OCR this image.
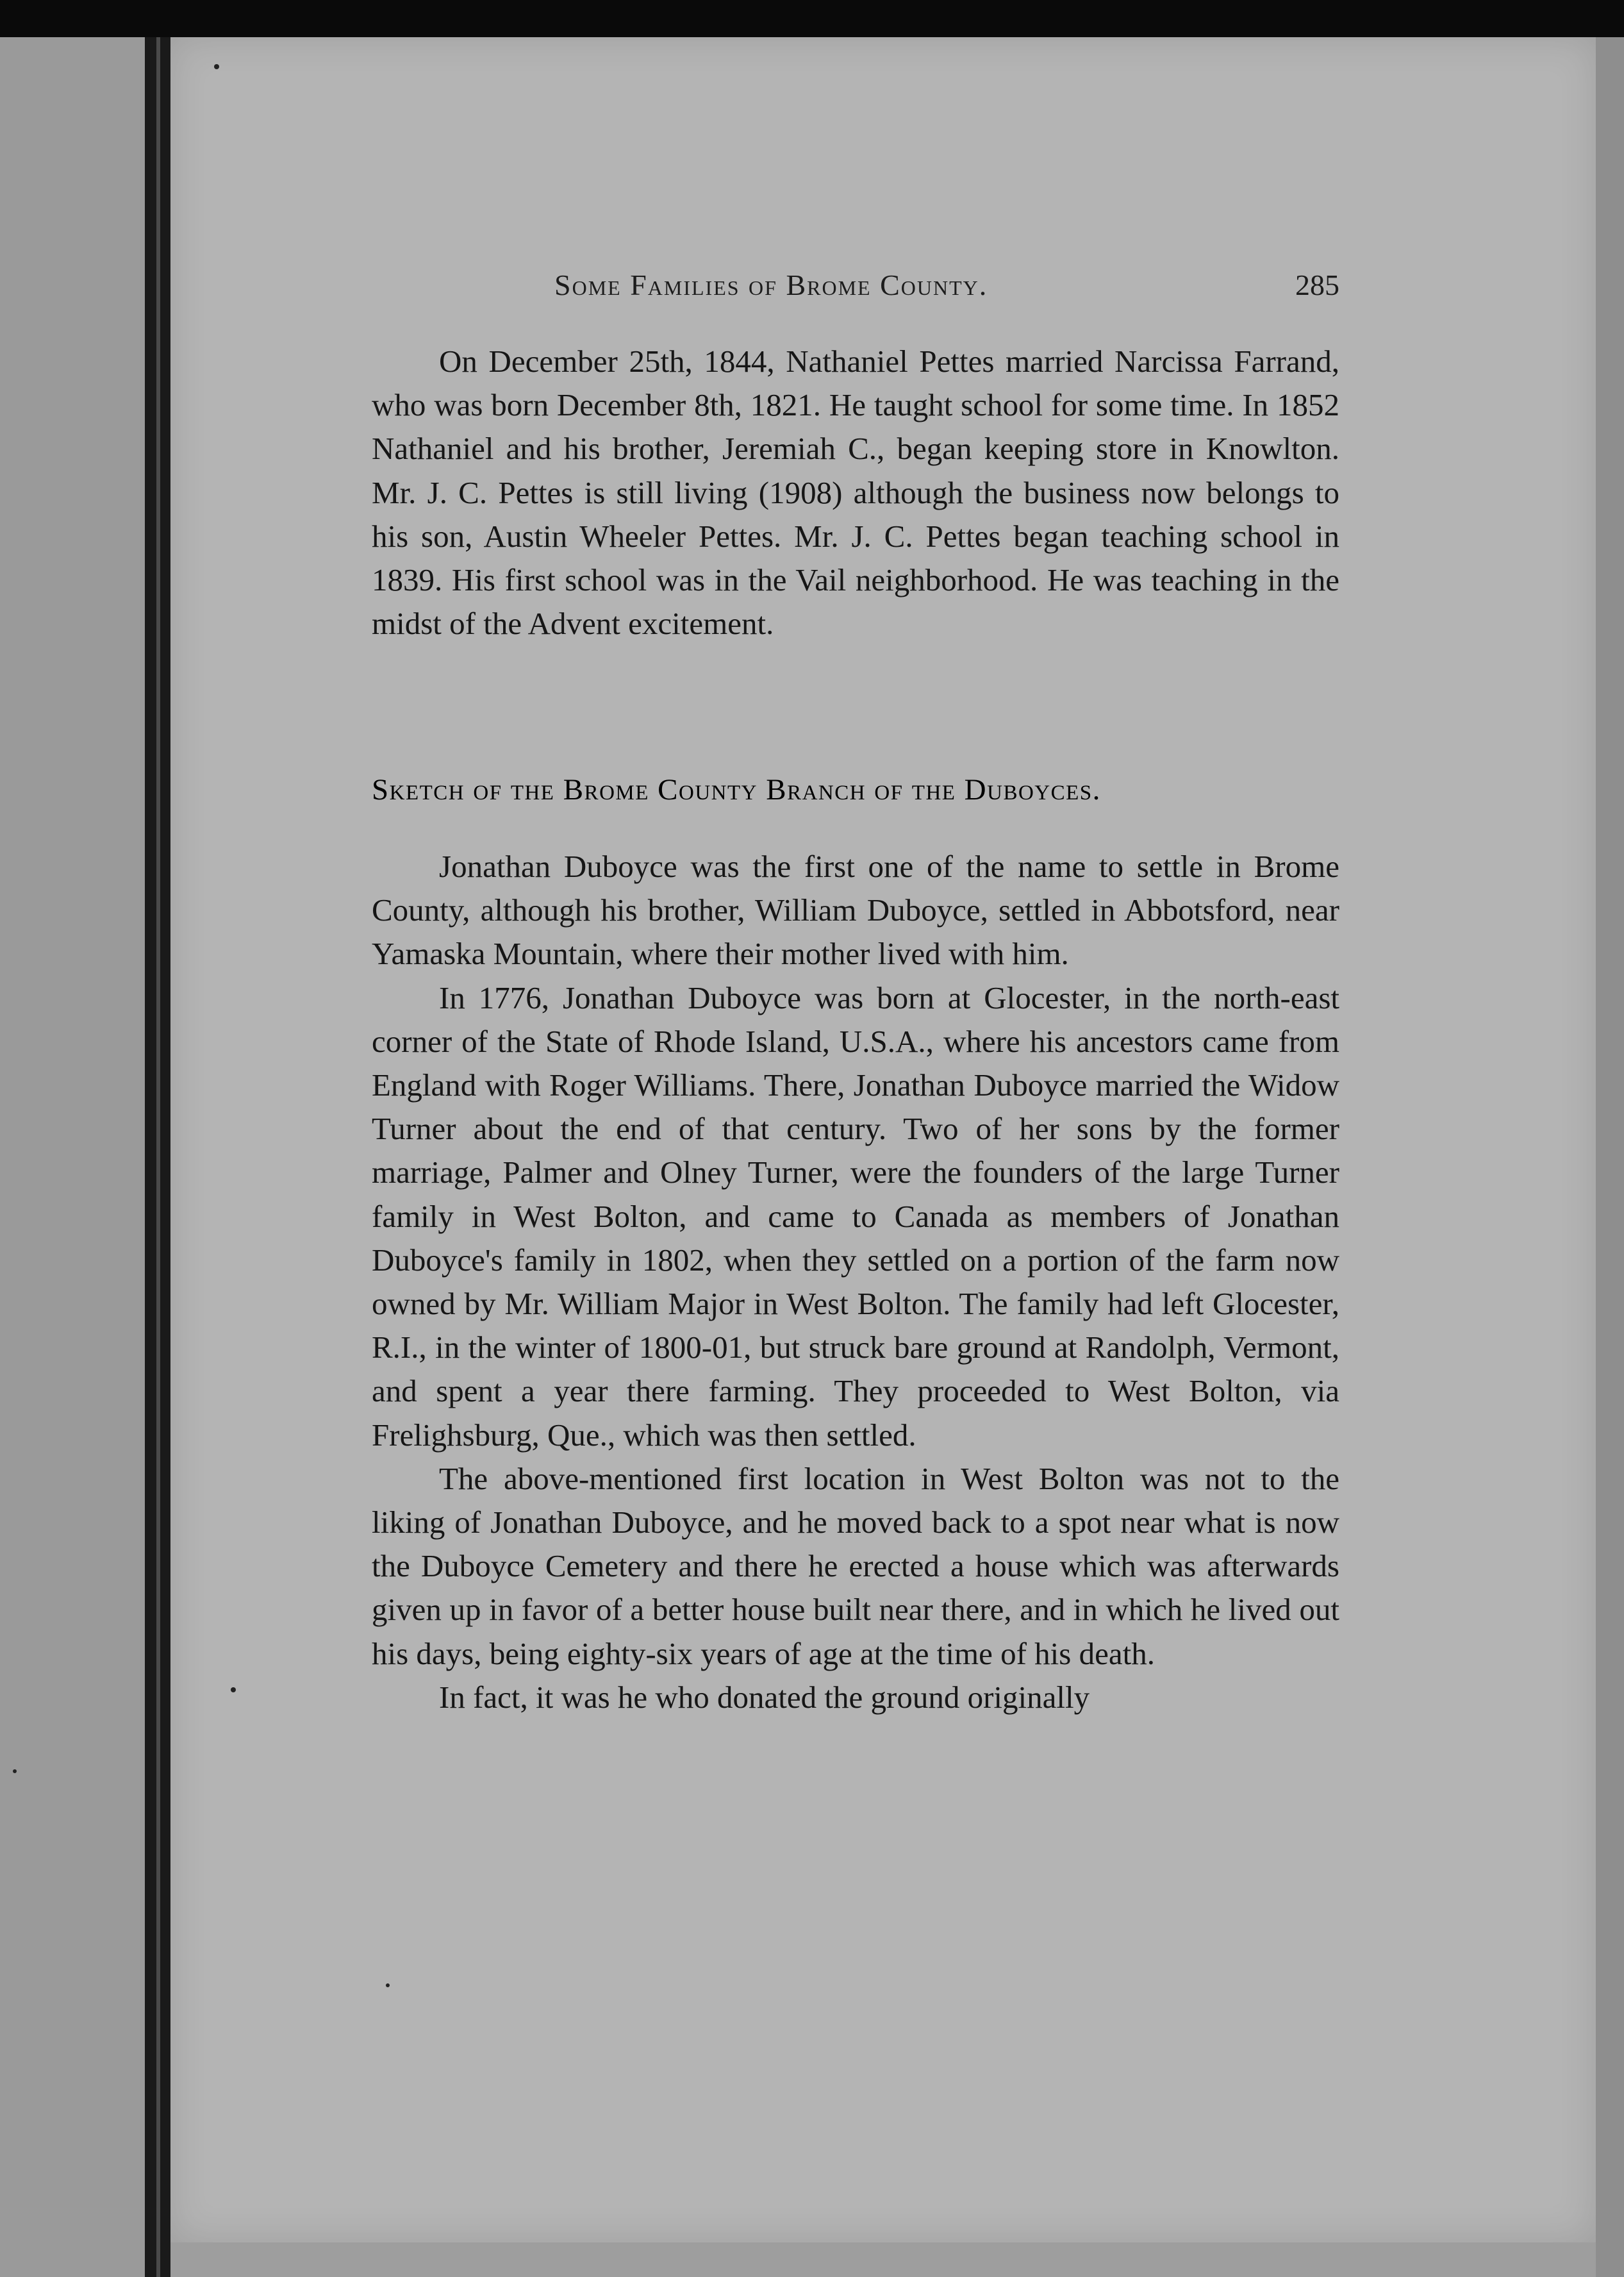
Some Families of Brome County.	285

On December 25th, 1844, Nathaniel Pettes married Narcissa Farrand, who was born December 8th, 1821. He taught school for some time. In 1852 Nathaniel and his brother, Jeremiah C., began keeping store in Knowlton. Mr. J. C. Pettes is still living (1908) although the business now belongs to his son, Austin Wheeler Pettes. Mr. J. C. Pettes began teaching school in 1839. His first school was in the Vail neighborhood. He was teaching in the midst of the Advent excitement.

Sketch of the Brome County Branch of the Duboyces.

Jonathan Duboyce was the first one of the name to settle in Brome County, although his brother, William Duboyce, settled in Abbotsford, near Yamaska Mountain, where their mother lived with him.

In 1776, Jonathan Duboyce was born at Glocester, in the north-east corner of the State of Rhode Island, U.S.A., where his ancestors came from England with Roger Williams. There, Jonathan Duboyce married the Widow Turner about the end of that century. Two of her sons by the former marriage, Palmer and Olney Turner, were the founders of the large Turner family in West Bolton, and came to Canada as members of Jonathan Duboyce's family in 1802, when they settled on a portion of the farm now owned by Mr. William Major in West Bolton. The family had left Glocester, R.I., in the winter of 1800-01, but struck bare ground at Randolph, Vermont, and spent a year there farming. They proceeded to West Bolton, via Frelighsburg, Que., which was then settled.

The above-mentioned first location in West Bolton was not to the liking of Jonathan Duboyce, and he moved back to a spot near what is now the Duboyce Cemetery and there he erected a house which was afterwards given up in favor of a better house built near there, and in which he lived out his days, being eighty-six years of age at the time of his death.

In fact, it was he who donated the ground originally
